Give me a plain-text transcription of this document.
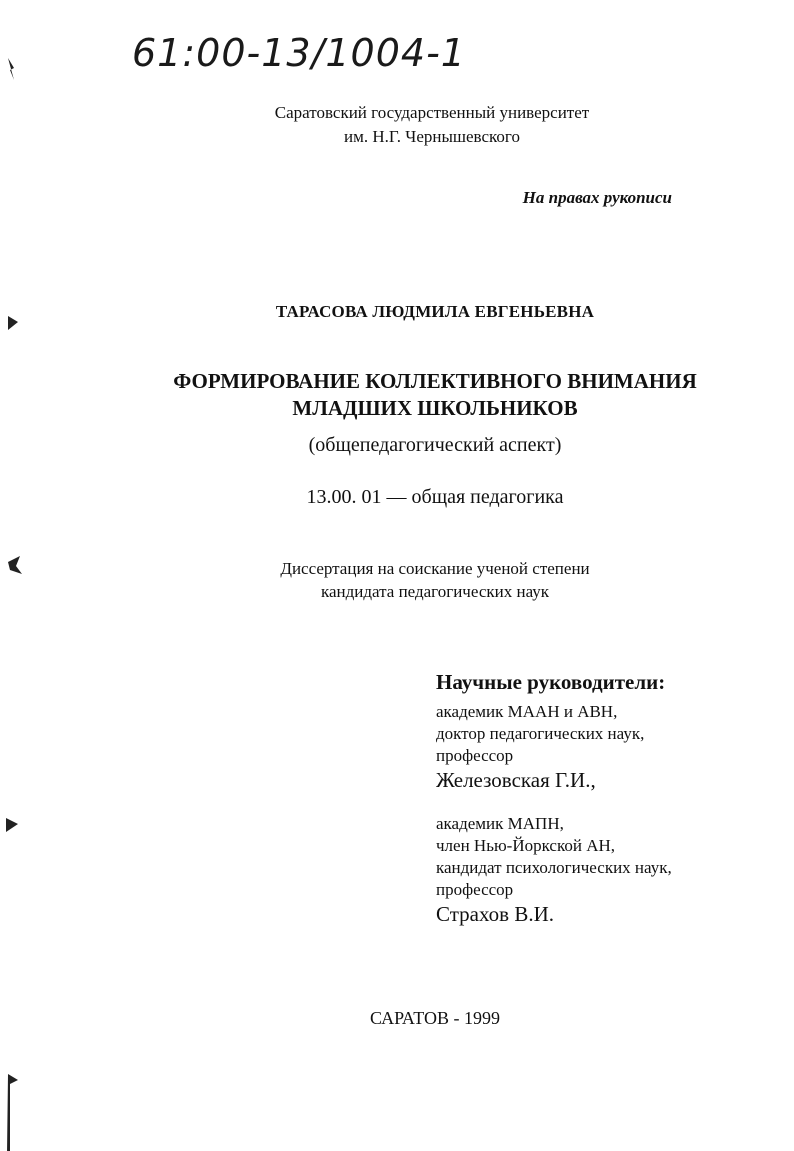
61:00-13/1004-1
Саратовский государственный университет
им. Н.Г. Чернышевского
На правах рукописи
ТАРАСОВА ЛЮДМИЛА ЕВГЕНЬЕВНА
ФОРМИРОВАНИЕ КОЛЛЕКТИВНОГО ВНИМАНИЯ
МЛАДШИХ ШКОЛЬНИКОВ
(общепедагогический аспект)
13.00. 01 — общая педагогика
Диссертация на соискание ученой степени
кандидата педагогических наук
Научные руководители:
академик МААН и АВН,
доктор педагогических наук,
профессор
Железовская Г.И.,
академик МАПН,
член Нью-Йоркской АН,
кандидат психологических наук,
профессор
Страхов В.И.
САРАТОВ - 1999
